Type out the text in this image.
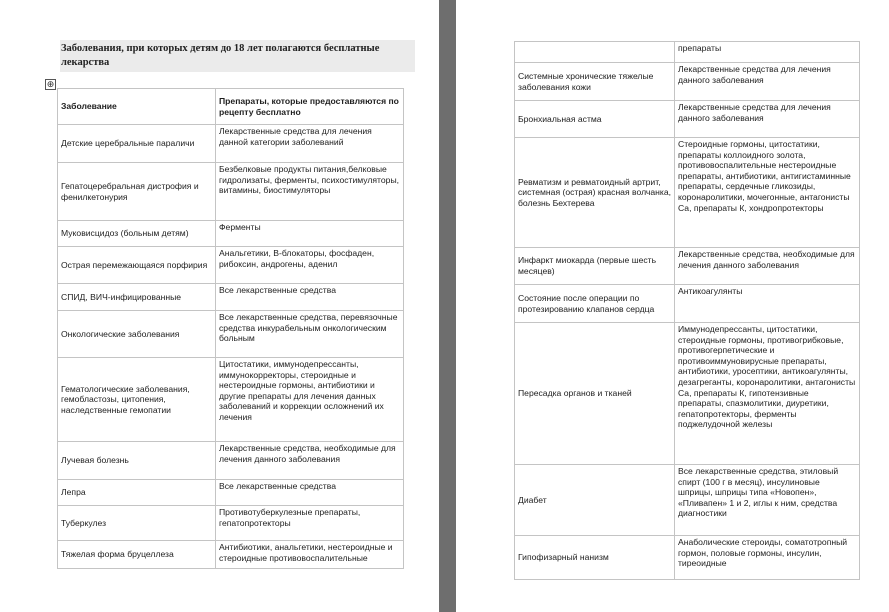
Заболевания, при которых детям до 18 лет полагаются бесплатные лекарства
⊕
Заболевание	Препараты, которые предоставляются по рецепту бесплатно
Детские церебральные параличи	Лекарственные средства для лечения данной категории заболеваний
Гепатоцеребральная дистрофия и фенилкетонурия	Безбелковые продукты питания,белковые гидролизаты, ферменты, психостимуляторы, витамины, биостимуляторы
Муковисцидоз (больным детям)	Ферменты
Острая перемежающаяся порфирия	Анальгетики, В-блокаторы, фосфаден, рибоксин, андрогены, аденил
СПИД, ВИЧ-инфицированные	Все лекарственные средства
Онкологические заболевания	Все лекарственные средства, перевязочные средства инкурабельным онкологическим больным
Гематологические заболевания, гемобластозы, цитопения, наследственные гемопатии	Цитостатики, иммунодепрессанты, иммунокорректоры, стероидные и нестероидные гормоны, антибиотики и другие препараты для лечения данных заболеваний и коррекции осложнений их лечения
Лучевая болезнь	Лекарственные средства, необходимые для лечения данного заболевания
Лепра	Все лекарственные средства
Туберкулез	Противотуберкулезные препараты, гепатопротекторы
Тяжелая форма бруцеллеза	Антибиотики, анальгетики, нестероидные и стероидные противовоспалительные
	препараты
Системные хронические тяжелые заболевания кожи	Лекарственные средства для лечения данного заболевания
Бронхиальная астма	Лекарственные средства для лечения данного заболевания
Ревматизм и ревматоидный артрит, системная (острая) красная волчанка, болезнь Бехтерева	Стероидные гормоны, цитостатики, препараты коллоидного золота, противовоспалительные нестероидные препараты, антибиотики, антигистаминные препараты, сердечные гликозиды, коронаролитики, мочегонные, антагонисты Са, препараты К, хондропротекторы
Инфаркт миокарда (первые шесть месяцев)	Лекарственные средства, необходимые для лечения данного заболевания
Состояние после операции по протезированию клапанов сердца	Антикоагулянты
Пересадка органов и тканей	Иммунодепрессанты, цитостатики, стероидные гормоны, противогрибковые, противогерпетические и противоиммуновирусные препараты, антибиотики, уросептики, антикоагулянты, дезагреганты, коронаролитики, антагонисты Са, препараты К, гипотензивные препараты, спазмолитики, диуретики, гепатопротекторы, ферменты поджелудочной железы
Диабет	Все лекарственные средства, этиловый спирт (100 г в месяц), инсулиновые шприцы, шприцы типа «Новопен», «Пливапен» 1 и 2, иглы к ним, средства диагностики
Гипофизарный нанизм	Анаболические стероиды, соматотропный гормон, половые гормоны, инсулин, тиреоидные
